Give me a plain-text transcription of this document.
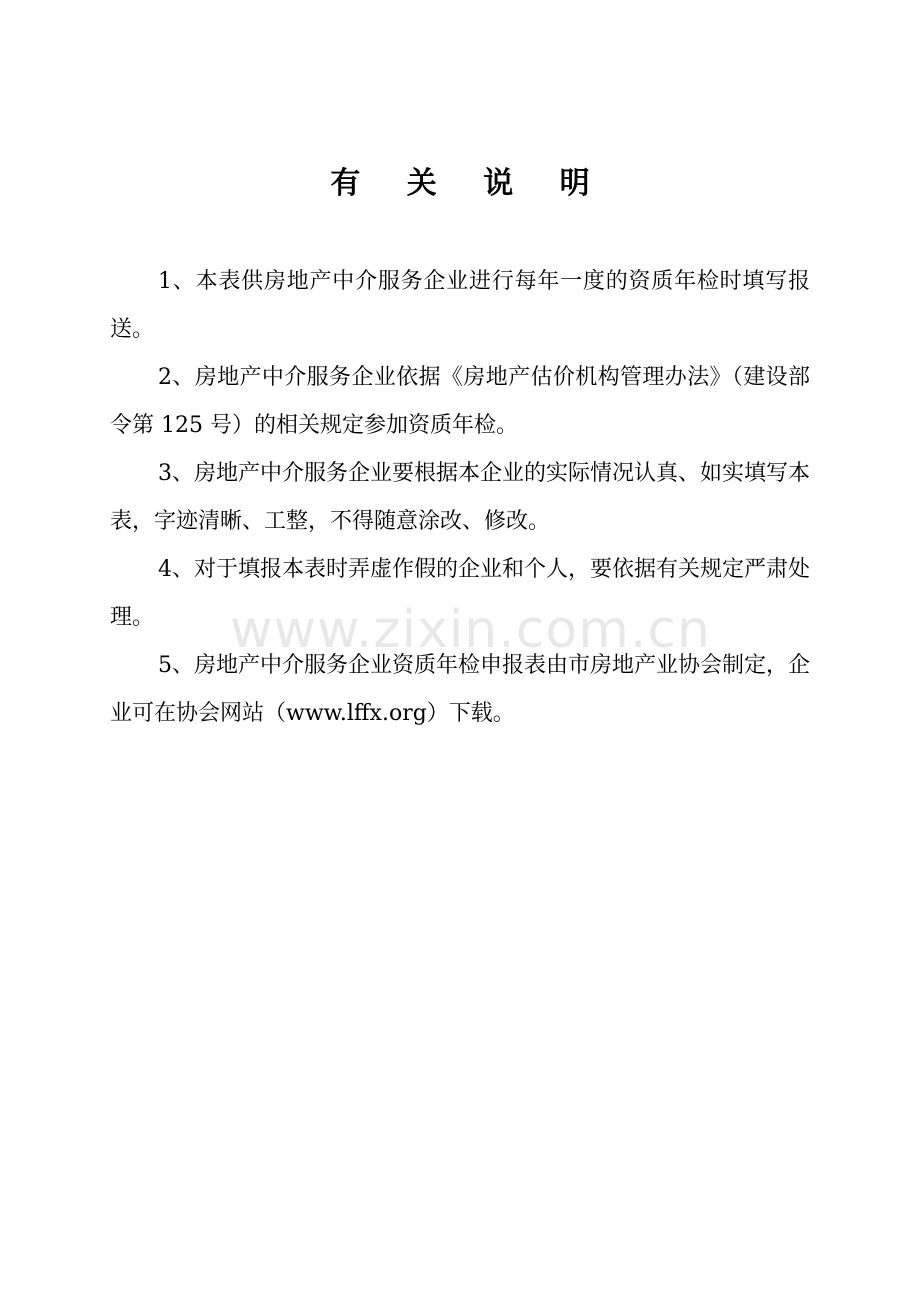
有 关 说 明

1、本表供房地产中介服务企业进行每年一度的资质年检时填写报送。

2、房地产中介服务企业依据《房地产估价机构管理办法》（建设部令第 125 号）的相关规定参加资质年检。

3、房地产中介服务企业要根据本企业的实际情况认真、如实填写本表，字迹清晰、工整，不得随意涂改、修改。

4、对于填报本表时弄虚作假的企业和个人，要依据有关规定严肃处理。

5、房地产中介服务企业资质年检申报表由市房地产业协会制定，企业可在协会网站（www.lffx.org）下载。

www.zixin.com.cn
